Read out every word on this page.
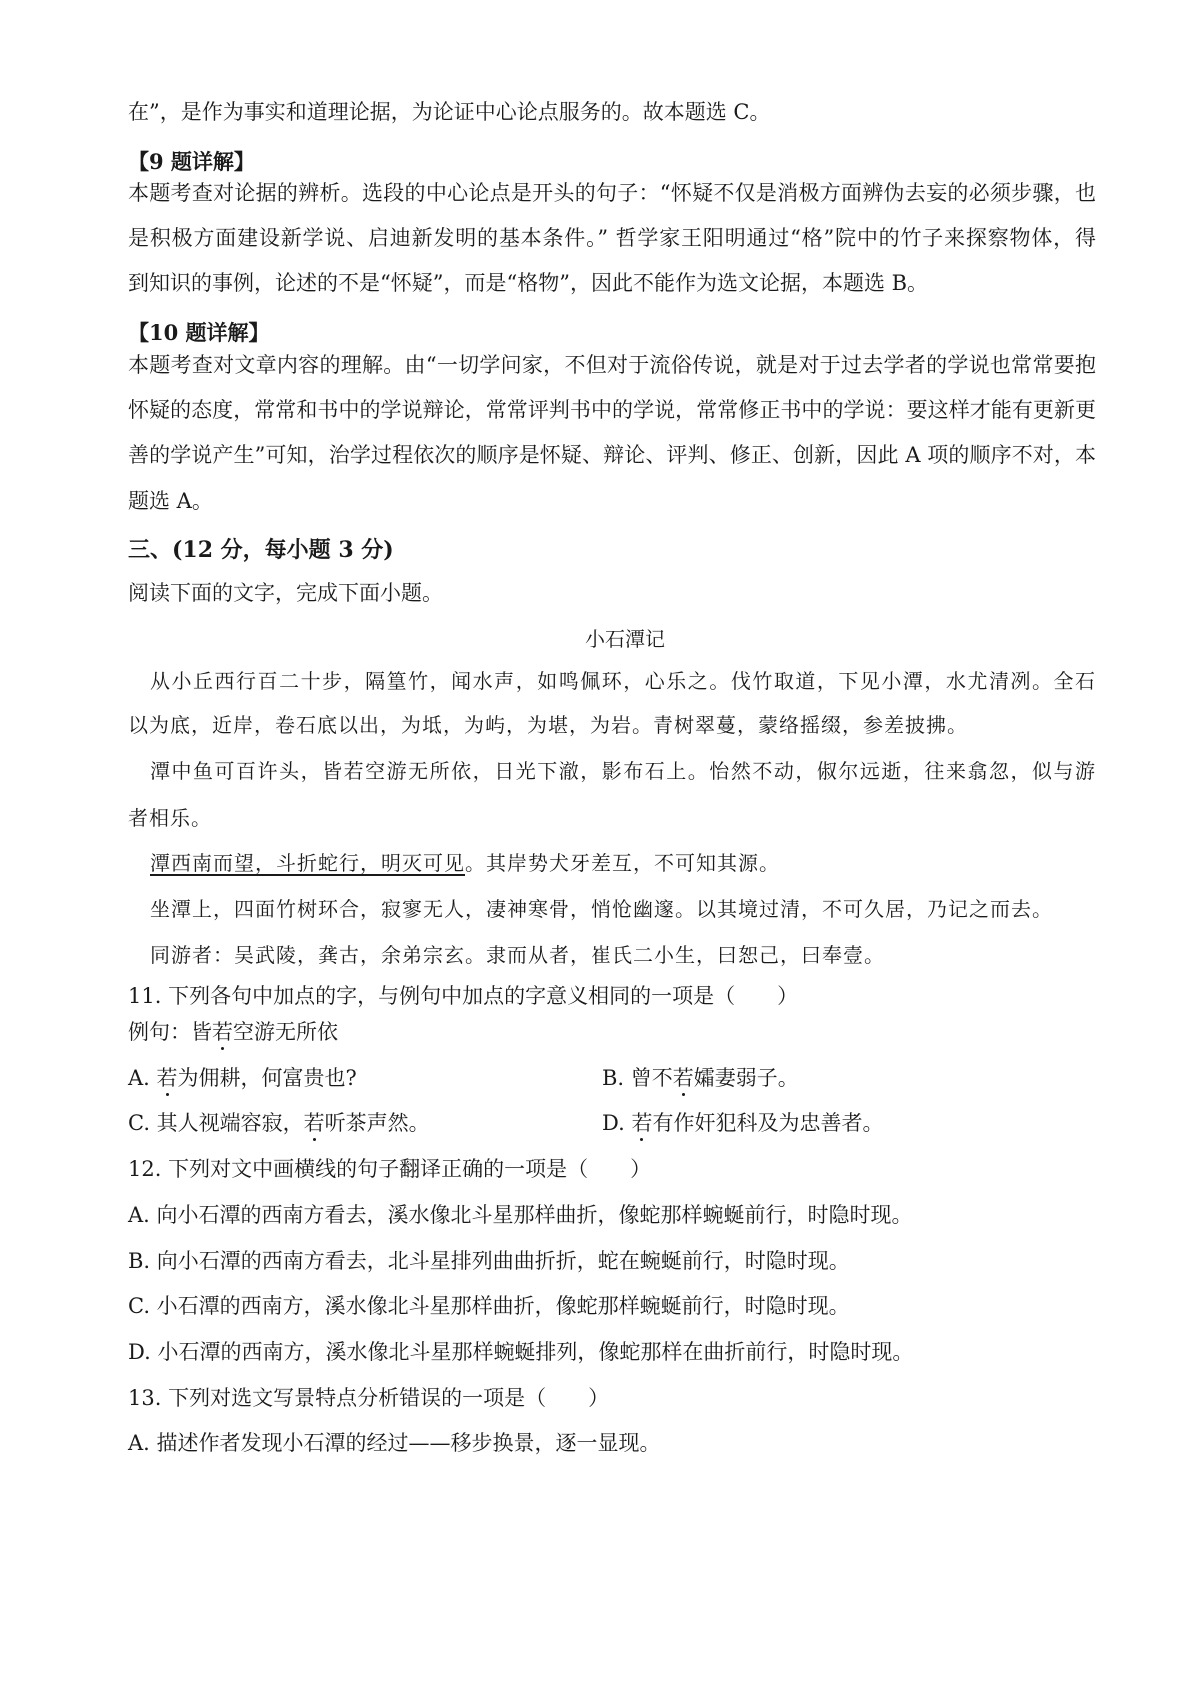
在”，是作为事实和道理论据，为论证中心论点服务的。故本题选 C。
【9 题详解】
本题考查对论据的辨析。选段的中心论点是开头的句子：“怀疑不仅是消极方面辨伪去妄的必须步骤，也
是积极方面建设新学说、启迪新发明的基本条件。” 哲学家王阳明通过“格”院中的竹子来探察物体，得
到知识的事例，论述的不是“怀疑”，而是“格物”，因此不能作为选文论据，本题选 B。
【10 题详解】
本题考查对文章内容的理解。由“一切学问家，不但对于流俗传说，就是对于过去学者的学说也常常要抱
怀疑的态度，常常和书中的学说辩论，常常评判书中的学说，常常修正书中的学说：要这样才能有更新更
善的学说产生”可知，治学过程依次的顺序是怀疑、辩论、评判、修正、创新，因此 A 项的顺序不对，本
题选 A。
三、(12 分，每小题 3 分)
阅读下面的文字，完成下面小题。
小石潭记
从小丘西行百二十步，隔篁竹，闻水声，如鸣佩环，心乐之。伐竹取道，下见小潭，水尤清冽。全石
以为底，近岸，卷石底以出，为坻，为屿，为堪，为岩。青树翠蔓，蒙络摇缀，参差披拂。
潭中鱼可百许头，皆若空游无所依，日光下澈，影布石上。怡然不动，俶尔远逝，往来翕忽，似与游
者相乐。
潭西南而望，斗折蛇行，明灭可见。其岸势犬牙差互，不可知其源。
坐潭上，四面竹树环合，寂寥无人，凄神寒骨，悄怆幽邃。以其境过清，不可久居，乃记之而去。
同游者：吴武陵，龚古，余弟宗玄。隶而从者，崔氏二小生，曰恕己，曰奉壹。
11. 下列各句中加点的字，与例句中加点的字意义相同的一项是（　　）
例句：皆若空游无所依
A. 若为佣耕，何富贵也?	B. 曾不若孀妻弱子。
C. 其人视端容寂，若听茶声然。	D. 若有作奸犯科及为忠善者。
12. 下列对文中画横线的句子翻译正确的一项是（　　）
A. 向小石潭的西南方看去，溪水像北斗星那样曲折，像蛇那样蜿蜒前行，时隐时现。
B. 向小石潭的西南方看去，北斗星排列曲曲折折，蛇在蜿蜒前行，时隐时现。
C. 小石潭的西南方，溪水像北斗星那样曲折，像蛇那样蜿蜒前行，时隐时现。
D. 小石潭的西南方，溪水像北斗星那样蜿蜒排列，像蛇那样在曲折前行，时隐时现。
13. 下列对选文写景特点分析错误的一项是（　　）
A. 描述作者发现小石潭的经过——移步换景，逐一显现。
